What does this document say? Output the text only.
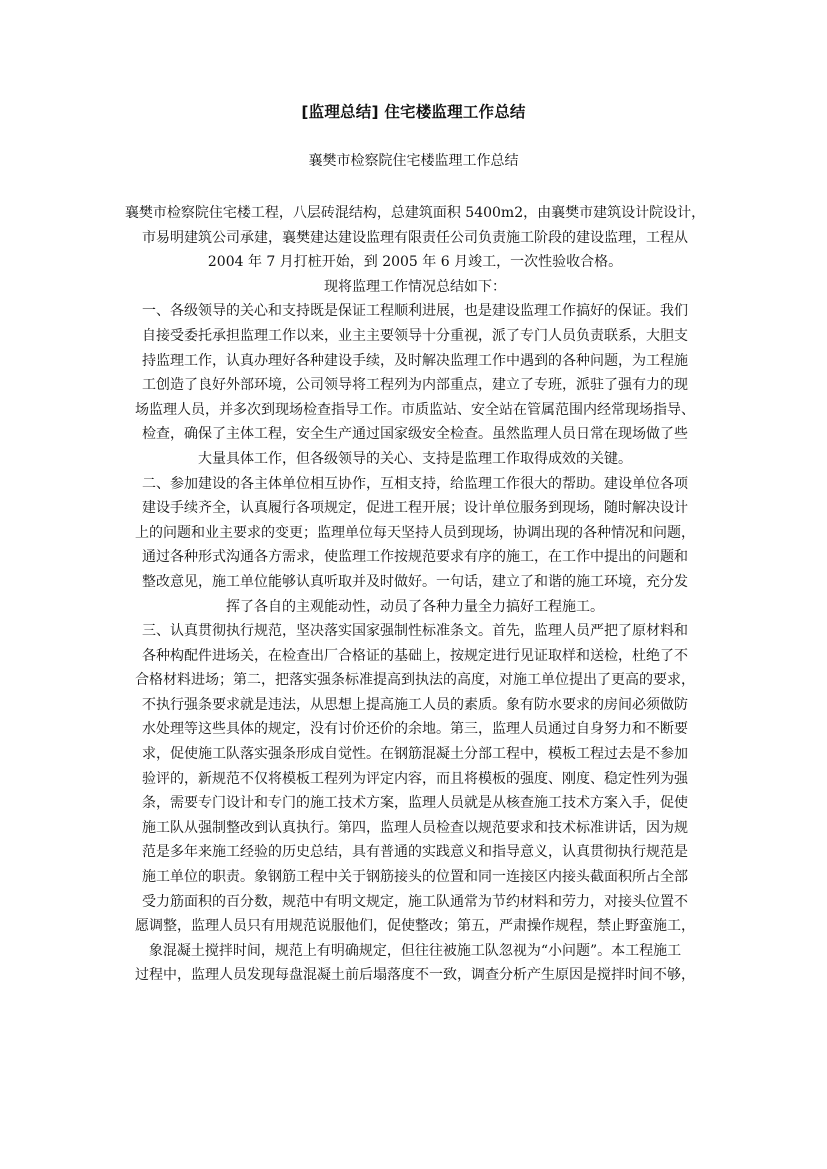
[监理总结] 住宅楼监理工作总结
襄樊市检察院住宅楼监理工作总结
襄樊市检察院住宅楼工程，八层砖混结构，总建筑面积 5400m2，由襄樊市建筑设计院设计，
市易明建筑公司承建，襄樊建达建设监理有限责任公司负责施工阶段的建设监理，工程从
2004 年 7 月打桩开始，到 2005 年 6 月竣工，一次性验收合格。
现将监理工作情况总结如下：
一、各级领导的关心和支持既是保证工程顺利进展，也是建设监理工作搞好的保证。我们
自接受委托承担监理工作以来，业主主要领导十分重视，派了专门人员负责联系，大胆支
持监理工作，认真办理好各种建设手续，及时解决监理工作中遇到的各种问题，为工程施
工创造了良好外部环境，公司领导将工程列为内部重点，建立了专班，派驻了强有力的现
场监理人员，并多次到现场检查指导工作。市质监站、安全站在管属范围内经常现场指导、
检查，确保了主体工程，安全生产通过国家级安全检查。虽然监理人员日常在现场做了些
大量具体工作，但各级领导的关心、支持是监理工作取得成效的关键。
二、参加建设的各主体单位相互协作，互相支持，给监理工作很大的帮助。建设单位各项
建设手续齐全，认真履行各项规定，促进工程开展；设计单位服务到现场，随时解决设计
上的问题和业主要求的变更；监理单位每天坚持人员到现场，协调出现的各种情况和问题，
通过各种形式沟通各方需求，使监理工作按规范要求有序的施工，在工作中提出的问题和
整改意见，施工单位能够认真听取并及时做好。一句话，建立了和谐的施工环境，充分发
挥了各自的主观能动性，动员了各种力量全力搞好工程施工。
三、认真贯彻执行规范，坚决落实国家强制性标准条文。首先，监理人员严把了原材料和
各种构配件进场关，在检查出厂合格证的基础上，按规定进行见证取样和送检，杜绝了不
合格材料进场；第二，把落实强条标准提高到执法的高度，对施工单位提出了更高的要求，
不执行强条要求就是违法，从思想上提高施工人员的素质。象有防水要求的房间必须做防
水处理等这些具体的规定，没有讨价还价的余地。第三，监理人员通过自身努力和不断要
求，促使施工队落实强条形成自觉性。在钢筋混凝土分部工程中，模板工程过去是不参加
验评的，新规范不仅将模板工程列为评定内容，而且将模板的强度、刚度、稳定性列为强
条，需要专门设计和专门的施工技术方案，监理人员就是从核查施工技术方案入手，促使
施工队从强制整改到认真执行。第四，监理人员检查以规范要求和技术标准讲话，因为规
范是多年来施工经验的历史总结，具有普通的实践意义和指导意义，认真贯彻执行规范是
施工单位的职责。象钢筋工程中关于钢筋接头的位置和同一连接区内接头截面积所占全部
受力筋面积的百分数，规范中有明文规定，施工队通常为节约材料和劳力，对接头位置不
愿调整，监理人员只有用规范说服他们，促使整改；第五，严肃操作规程，禁止野蛮施工，
象混凝土搅拌时间，规范上有明确规定，但往往被施工队忽视为“小问题”。本工程施工
过程中，监理人员发现每盘混凝土前后塌落度不一致，调查分析产生原因是搅拌时间不够，
